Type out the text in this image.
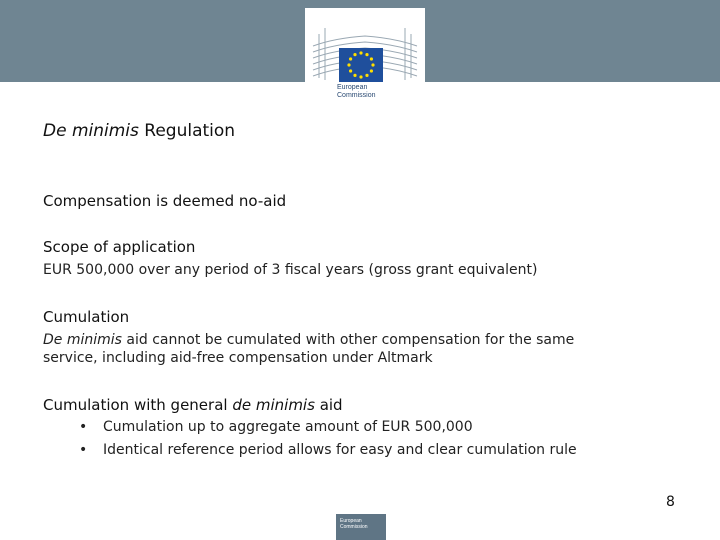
European
Commission
De minimis Regulation
Compensation is deemed no-aid
Scope of application
EUR 500,000 over any period of 3 fiscal years (gross grant equivalent)
Cumulation
De minimis aid cannot be cumulated with other compensation for the same
service, including aid-free compensation under Altmark
Cumulation with general de minimis aid
• Cumulation up to aggregate amount of EUR 500,000
• Identical reference period allows for easy and clear cumulation rule
8
European Commission
